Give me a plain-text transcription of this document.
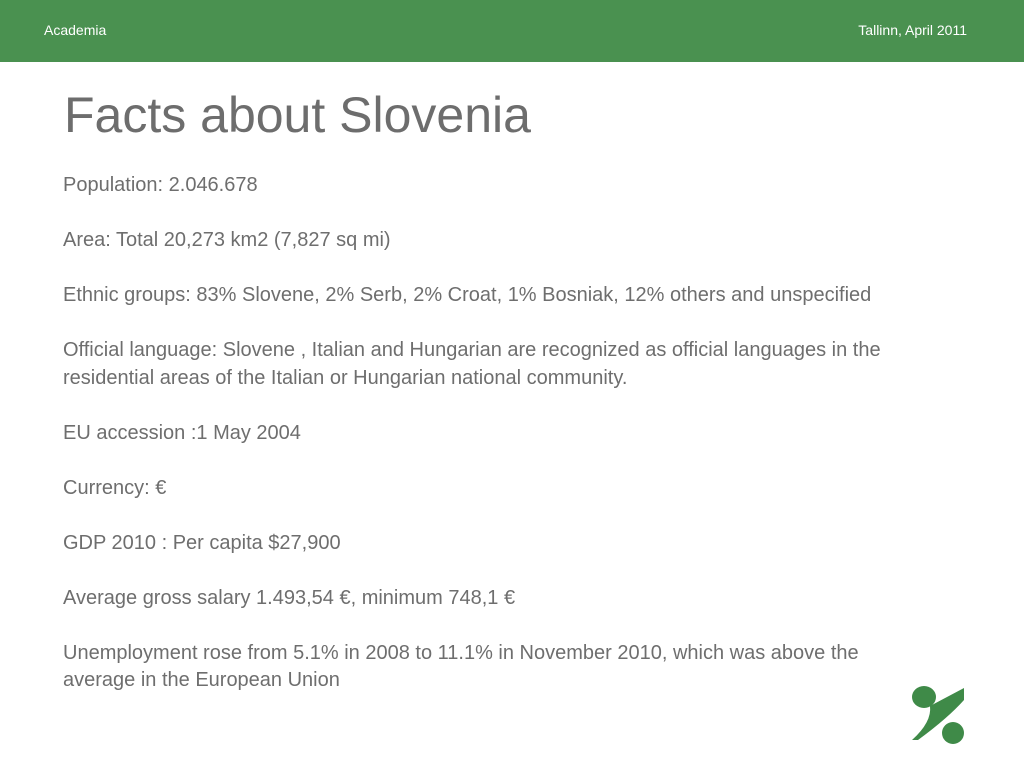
Academia	Tallinn, April 2011
Facts about Slovenia
Population: 2.046.678
Area: Total 20,273 km2 (7,827 sq mi)
Ethnic groups: 83% Slovene, 2% Serb, 2% Croat, 1% Bosniak, 12% others and unspecified
Official language: Slovene , Italian and Hungarian are recognized as official languages in the residential areas of the Italian or Hungarian national community.
EU accession :1 May 2004
Currency: €
GDP 2010 : Per capita $27,900
Average gross salary 1.493,54 €, minimum 748,1 €
Unemployment rose from 5.1% in 2008 to 11.1% in November 2010, which was above the average in the European Union
